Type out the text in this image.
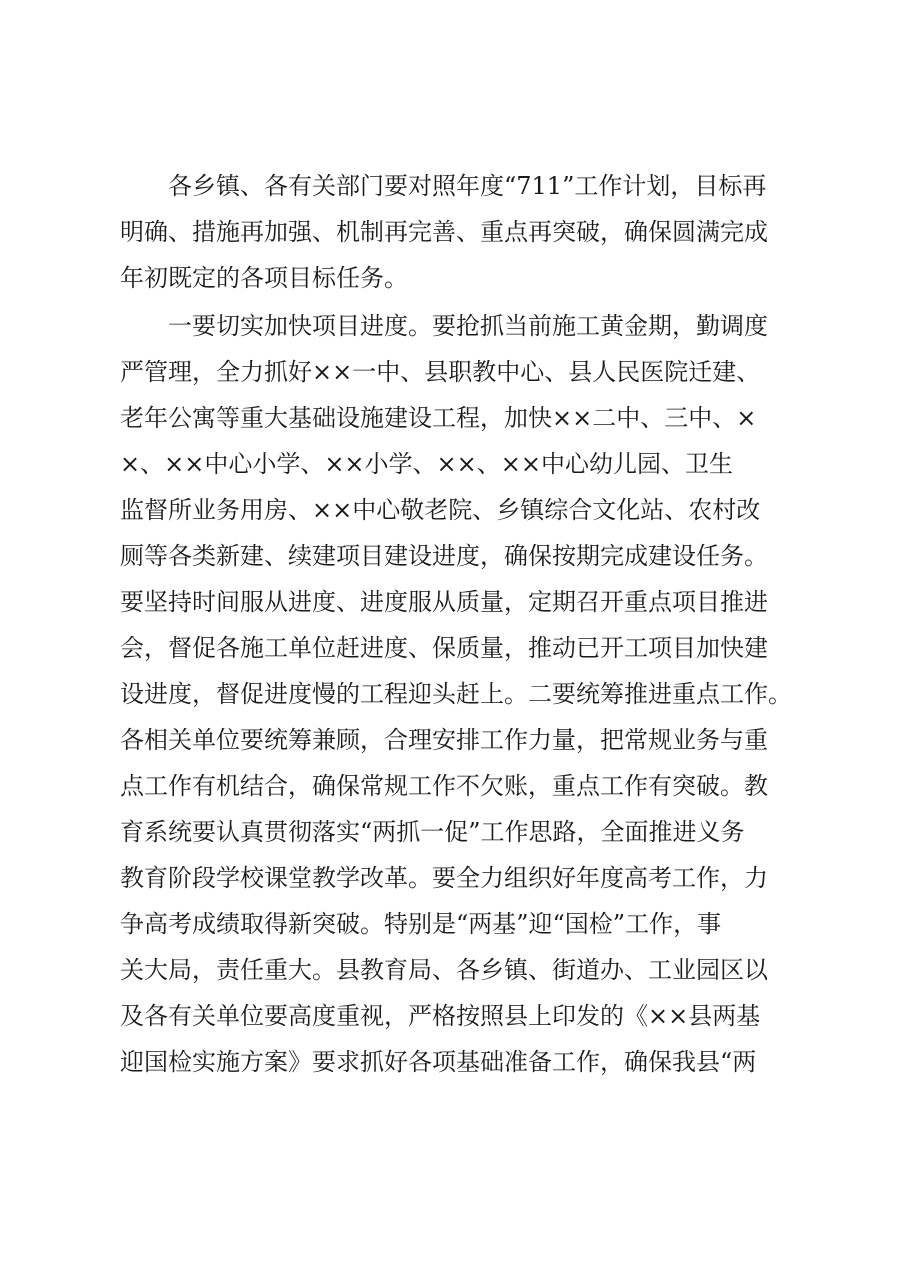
　　各乡镇、各有关部门要对照年度“711”工作计划，目标再
明确、措施再加强、机制再完善、重点再突破，确保圆满完成
年初既定的各项目标任务。
　　一要切实加快项目进度。要抢抓当前施工黄金期，勤调度
严管理，全力抓好××一中、县职教中心、县人民医院迁建、
老年公寓等重大基础设施建设工程，加快××二中、三中、×
×、××中心小学、××小学、××、××中心幼儿园、卫生
监督所业务用房、××中心敬老院、乡镇综合文化站、农村改
厕等各类新建、续建项目建设进度，确保按期完成建设任务。
要坚持时间服从进度、进度服从质量，定期召开重点项目推进
会，督促各施工单位赶进度、保质量，推动已开工项目加快建
设进度，督促进度慢的工程迎头赶上。二要统筹推进重点工作。
各相关单位要统筹兼顾，合理安排工作力量，把常规业务与重
点工作有机结合，确保常规工作不欠账，重点工作有突破。教
育系统要认真贯彻落实“两抓一促”工作思路，全面推进义务
教育阶段学校课堂教学改革。要全力组织好年度高考工作，力
争高考成绩取得新突破。特别是“两基”迎“国检”工作，事
关大局，责任重大。县教育局、各乡镇、街道办、工业园区以
及各有关单位要高度重视，严格按照县上印发的《××县两基
迎国检实施方案》要求抓好各项基础准备工作，确保我县“两
